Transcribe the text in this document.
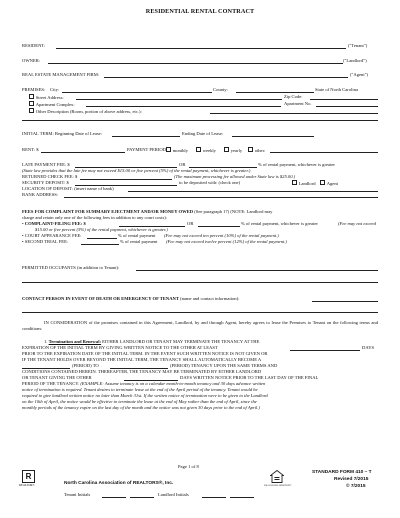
RESIDENTIAL RENTAL CONTRACT
RESIDENT:	("Tenant")
OWNER:	("Landlord")
REAL ESTATE MANAGEMENT FIRM:	("Agent")
PREMISES: City:	County:	State of North Carolina
Street Address:	Zip Code:
Apartment Complex:	Apartment No.
Other Description (Room, portion of above address, etc.):
INITIAL TERM: Beginning Date of Lease:	Ending Date of Lease:
RENT: $	PAYMENT PERIOD:	monthly	weekly	yearly	other:
LATE PAYMENT FEE: $	OR	% of rental payment, whichever is greater
(State law provides that the late fee may not exceed $15.00 or five percent (5%) of the rental payment, whichever is greater.)
RETURNED CHECK FEE: $	(The maximum processing fee allowed under State law is $25.00.)
SECURITY DEPOSIT: $	to be deposited with: (check one)	Landlord	Agent
LOCATION OF DEPOSIT: (insert name of bank)
BANK ADDRESS:
FEES FOR COMPLAINT FOR SUMMARY EJECTMENT AND/OR MONEY OWED (See paragraph 17) (NOTE: Landlord may
charge and retain only one of the following fees in addition to any court costs):
• COMPLAINT-FILING FEE: $	OR	% of rental payment, whichever is greater	(Fee may not exceed
$15.00 or five percent (5%) of the rental payment, whichever is greater.)
• COURT APPEARANCE FEE:	% of rental payment (Fee may not exceed ten percent (10%) of the rental payment.)
• SECOND TRIAL FEE:	% of rental payment (Fee may not exceed twelve percent (12%) of the rental payment.)
PERMITTED OCCUPANTS (in addition to Tenant):
CONTACT PERSON IN EVENT OF DEATH OR EMERGENCY OF TENANT (name and contact information):
IN CONSIDERATION of the promises contained in this Agreement, Landlord, by and through Agent, hereby agrees to lease the Premises to Tenant on the following terms and conditions:
1. Termination and Renewal: EITHER LANDLORD OR TENANT MAY TERMINATE THE TENANCY AT THE
EXPIRATION OF THE INITIAL TERM BY GIVING WRITTEN NOTICE TO THE OTHER AT LEAST	DAYS
PRIOR TO THE EXPIRATION DATE OF THE INITIAL TERM. IN THE EVENT SUCH WRITTEN NOTICE IS NOT GIVEN OR
IF THE TENANT HOLDS OVER BEYOND THE INITIAL TERM, THE TENANCY SHALL AUTOMATICALLY BECOME A
(PERIOD) TO	(PERIOD) TENANCY UPON THE SAME TERMS AND
CONDITIONS CONTAINED HEREIN. THEREAFTER, THE TENANCY MAY BE TERMINATED BY EITHER LANDLORD
OR TENANT GIVING THE OTHER	DAYS WRITTEN NOTICE PRIOR TO THE LAST DAY OF THE FINAL
PERIOD OF THE TENANCY. (EXAMPLE: Assume tenancy is on a calendar month-to-month tenancy and 30 days advance written
notice of termination is required. Tenant desires to terminate lease at the end of the April period of the tenancy. Tenant would be
required to give landlord written notice no later than March 31st. If the written notice of termination were to be given to the Landlord
on the 10th of April, the notice would be effective to terminate the lease at the end of May rather than the end of April, since the
monthly periods of the tenancy expire on the last day of the month and the notice was not given 30 days prior to the end of April.)
Page 1 of 8
R
REALTOR®	North Carolina Association of REALTORS®, Inc.	EQUAL HOUSING OPPORTUNITY
STANDARD FORM 410 – T
Revised 7/2015
© 7/2015
Tenant Initials	Landlord Initials
